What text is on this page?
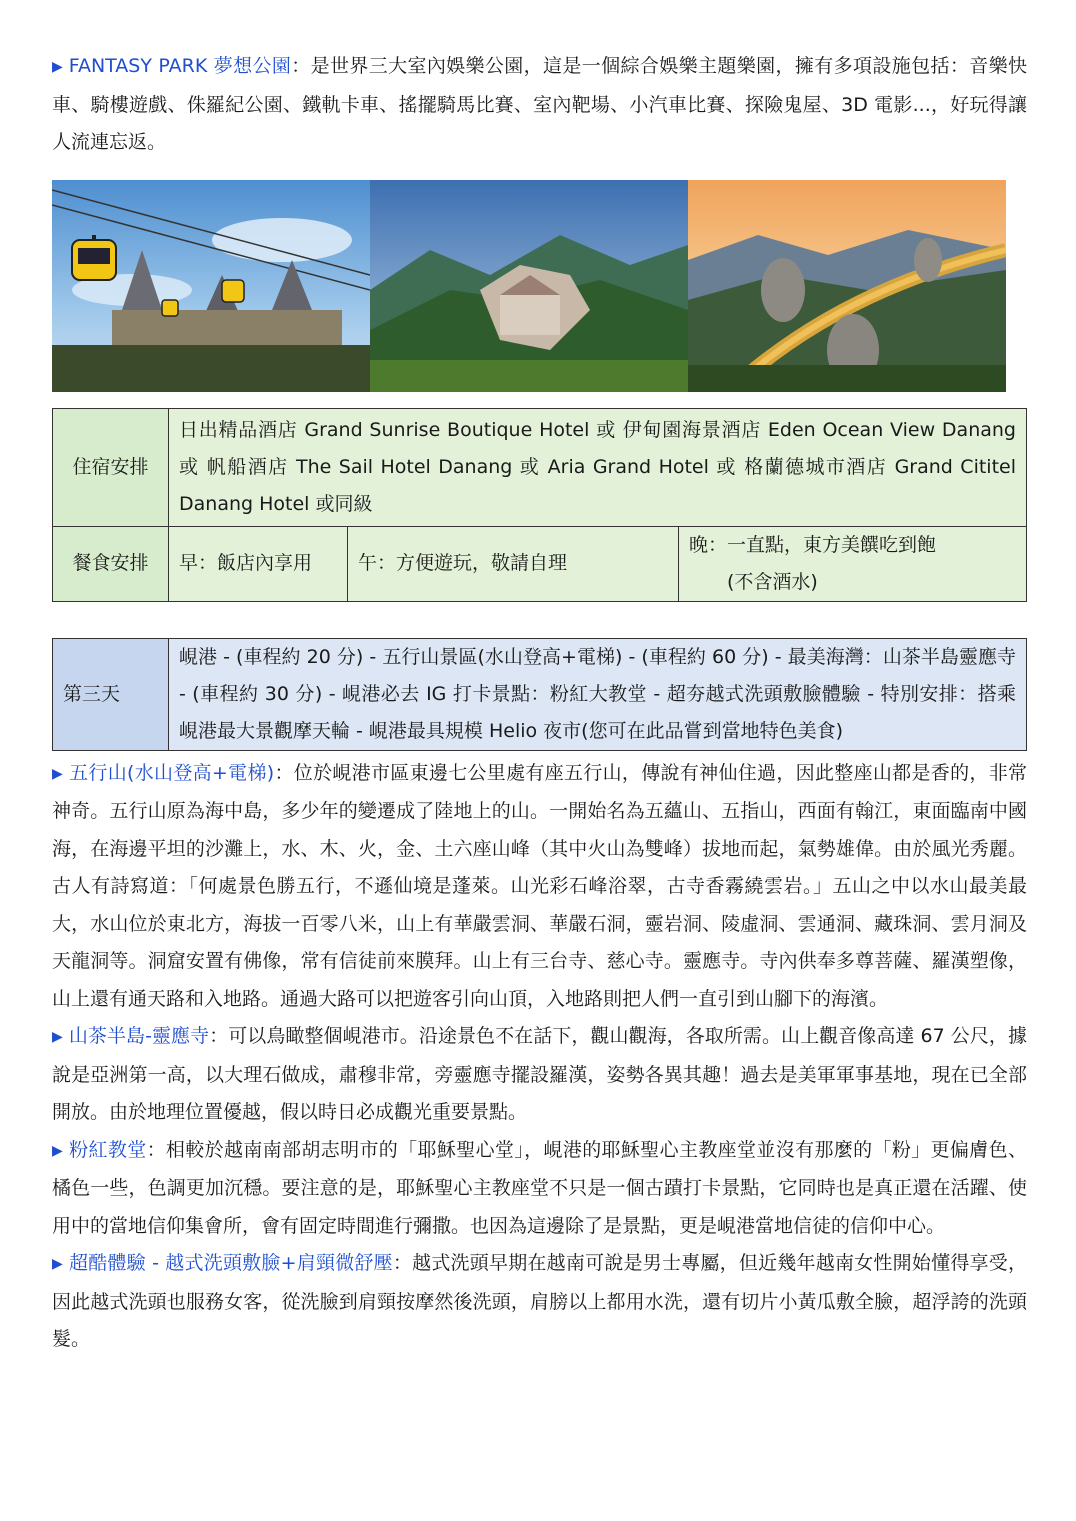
▶ FANTASY PARK 夢想公園：是世界三大室內娛樂公園，這是一個綜合娛樂主題樂園，擁有多項設施包括：音樂快車、騎樓遊戲、侏羅紀公園、鐵軌卡車、搖擺騎馬比賽、室內靶場、小汽車比賽、探險鬼屋、3D 電影...，好玩得讓人流連忘返。

住宿安排	日出精品酒店 Grand Sunrise Boutique Hotel 或 伊甸園海景酒店 Eden Ocean View Danang 或 帆船酒店 The Sail Hotel Danang 或 Aria Grand Hotel 或 格蘭德城市酒店 Grand Cititel Danang Hotel 或同級		
餐食安排	早：飯店內享用	午：方便遊玩，敬請自理	晚：一直點，東方美饌吃到飽
(不含酒水)
第三天	峴港 - (車程約 20 分) - 五行山景區(水山登高+電梯) - (車程約 60 分) - 最美海灣：山茶半島靈應寺 - (車程約 30 分) - 峴港必去 IG 打卡景點：粉紅大教堂 - 超夯越式洗頭敷臉體驗 - 特別安排：搭乘峴港最大景觀摩天輪 - 峴港最具規模 Helio 夜市(您可在此品嘗到當地特色美食)

▶ 五行山(水山登高+電梯)：位於峴港市區東邊七公里處有座五行山，傳說有神仙住過，因此整座山都是香的，非常神奇。五行山原為海中島，多少年的變遷成了陸地上的山。一開始名為五蘊山、五指山，西面有翰江，東面臨南中國海，在海邊平坦的沙灘上，水、木、火，金、土六座山峰（其中火山為雙峰）拔地而起，氣勢雄偉。由於風光秀麗。古人有詩寫道：「何處景色勝五行，不遜仙境是蓬萊。山光彩石峰浴翠，古寺香霧繞雲岩。」五山之中以水山最美最大，水山位於東北方，海拔一百零八米，山上有華嚴雲洞、華嚴石洞，靈岩洞、陵虛洞、雲通洞、藏珠洞、雲月洞及天龍洞等。洞窟安置有佛像，常有信徒前來膜拜。山上有三台寺、慈心寺。靈應寺。寺內供奉多尊菩薩、羅漢塑像，山上還有通天路和入地路。通過大路可以把遊客引向山頂，入地路則把人們一直引到山腳下的海濱。

▶ 山茶半島-靈應寺：可以鳥瞰整個峴港市。沿途景色不在話下，觀山觀海，各取所需。山上觀音像高達 67 公尺，據說是亞洲第一高，以大理石做成，肅穆非常，旁靈應寺擺設羅漢，姿勢各異其趣！過去是美軍軍事基地，現在已全部開放。由於地理位置優越，假以時日必成觀光重要景點。

▶ 粉紅教堂：相較於越南南部胡志明市的「耶穌聖心堂」，峴港的耶穌聖心主教座堂並沒有那麼的「粉」更偏膚色、橘色一些，色調更加沉穩。要注意的是，耶穌聖心主教座堂不只是一個古蹟打卡景點，它同時也是真正還在活躍、使用中的當地信仰集會所，會有固定時間進行彌撒。也因為這邊除了是景點，更是峴港當地信徒的信仰中心。

▶ 超酷體驗 - 越式洗頭敷臉+肩頸微舒壓：越式洗頭早期在越南可說是男士專屬，但近幾年越南女性開始懂得享受，因此越式洗頭也服務女客，從洗臉到肩頸按摩然後洗頭，肩膀以上都用水洗，還有切片小黃瓜敷全臉，超浮誇的洗頭髮。
